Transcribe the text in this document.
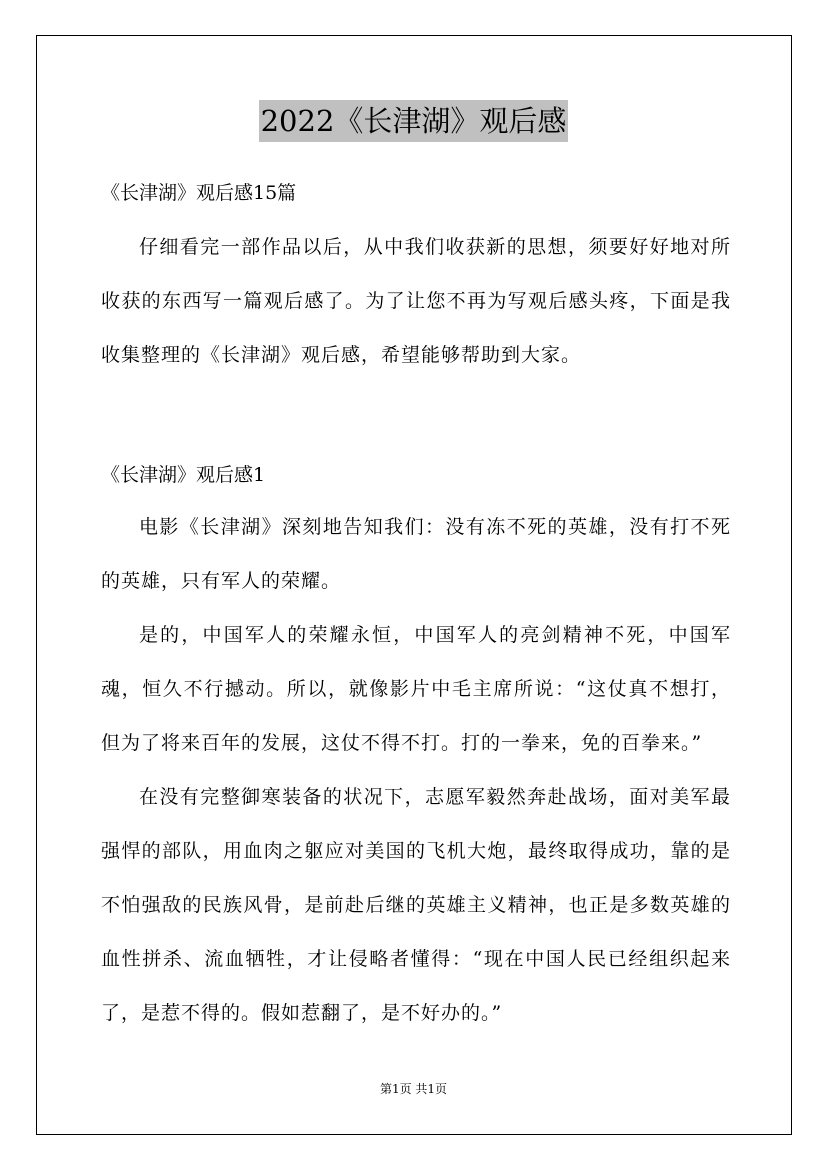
2022《长津湖》观后感

《长津湖》观后感15篇

仔细看完一部作品以后，从中我们收获新的思想，须要好好地对所收获的东西写一篇观后感了。为了让您不再为写观后感头疼，下面是我收集整理的《长津湖》观后感，希望能够帮助到大家。

《长津湖》观后感1

电影《长津湖》深刻地告知我们：没有冻不死的英雄，没有打不死的英雄，只有军人的荣耀。

是的，中国军人的荣耀永恒，中国军人的亮剑精神不死，中国军魂，恒久不行撼动。所以，就像影片中毛主席所说：“这仗真不想打，但为了将来百年的发展，这仗不得不打。打的一拳来，免的百拳来。”

在没有完整御寒装备的状况下，志愿军毅然奔赴战场，面对美军最强悍的部队，用血肉之躯应对美国的飞机大炮，最终取得成功，靠的是不怕强敌的民族风骨，是前赴后继的英雄主义精神，也正是多数英雄的血性拼杀、流血牺牲，才让侵略者懂得：“现在中国人民已经组织起来了，是惹不得的。假如惹翻了，是不好办的。”

第1页 共1页
